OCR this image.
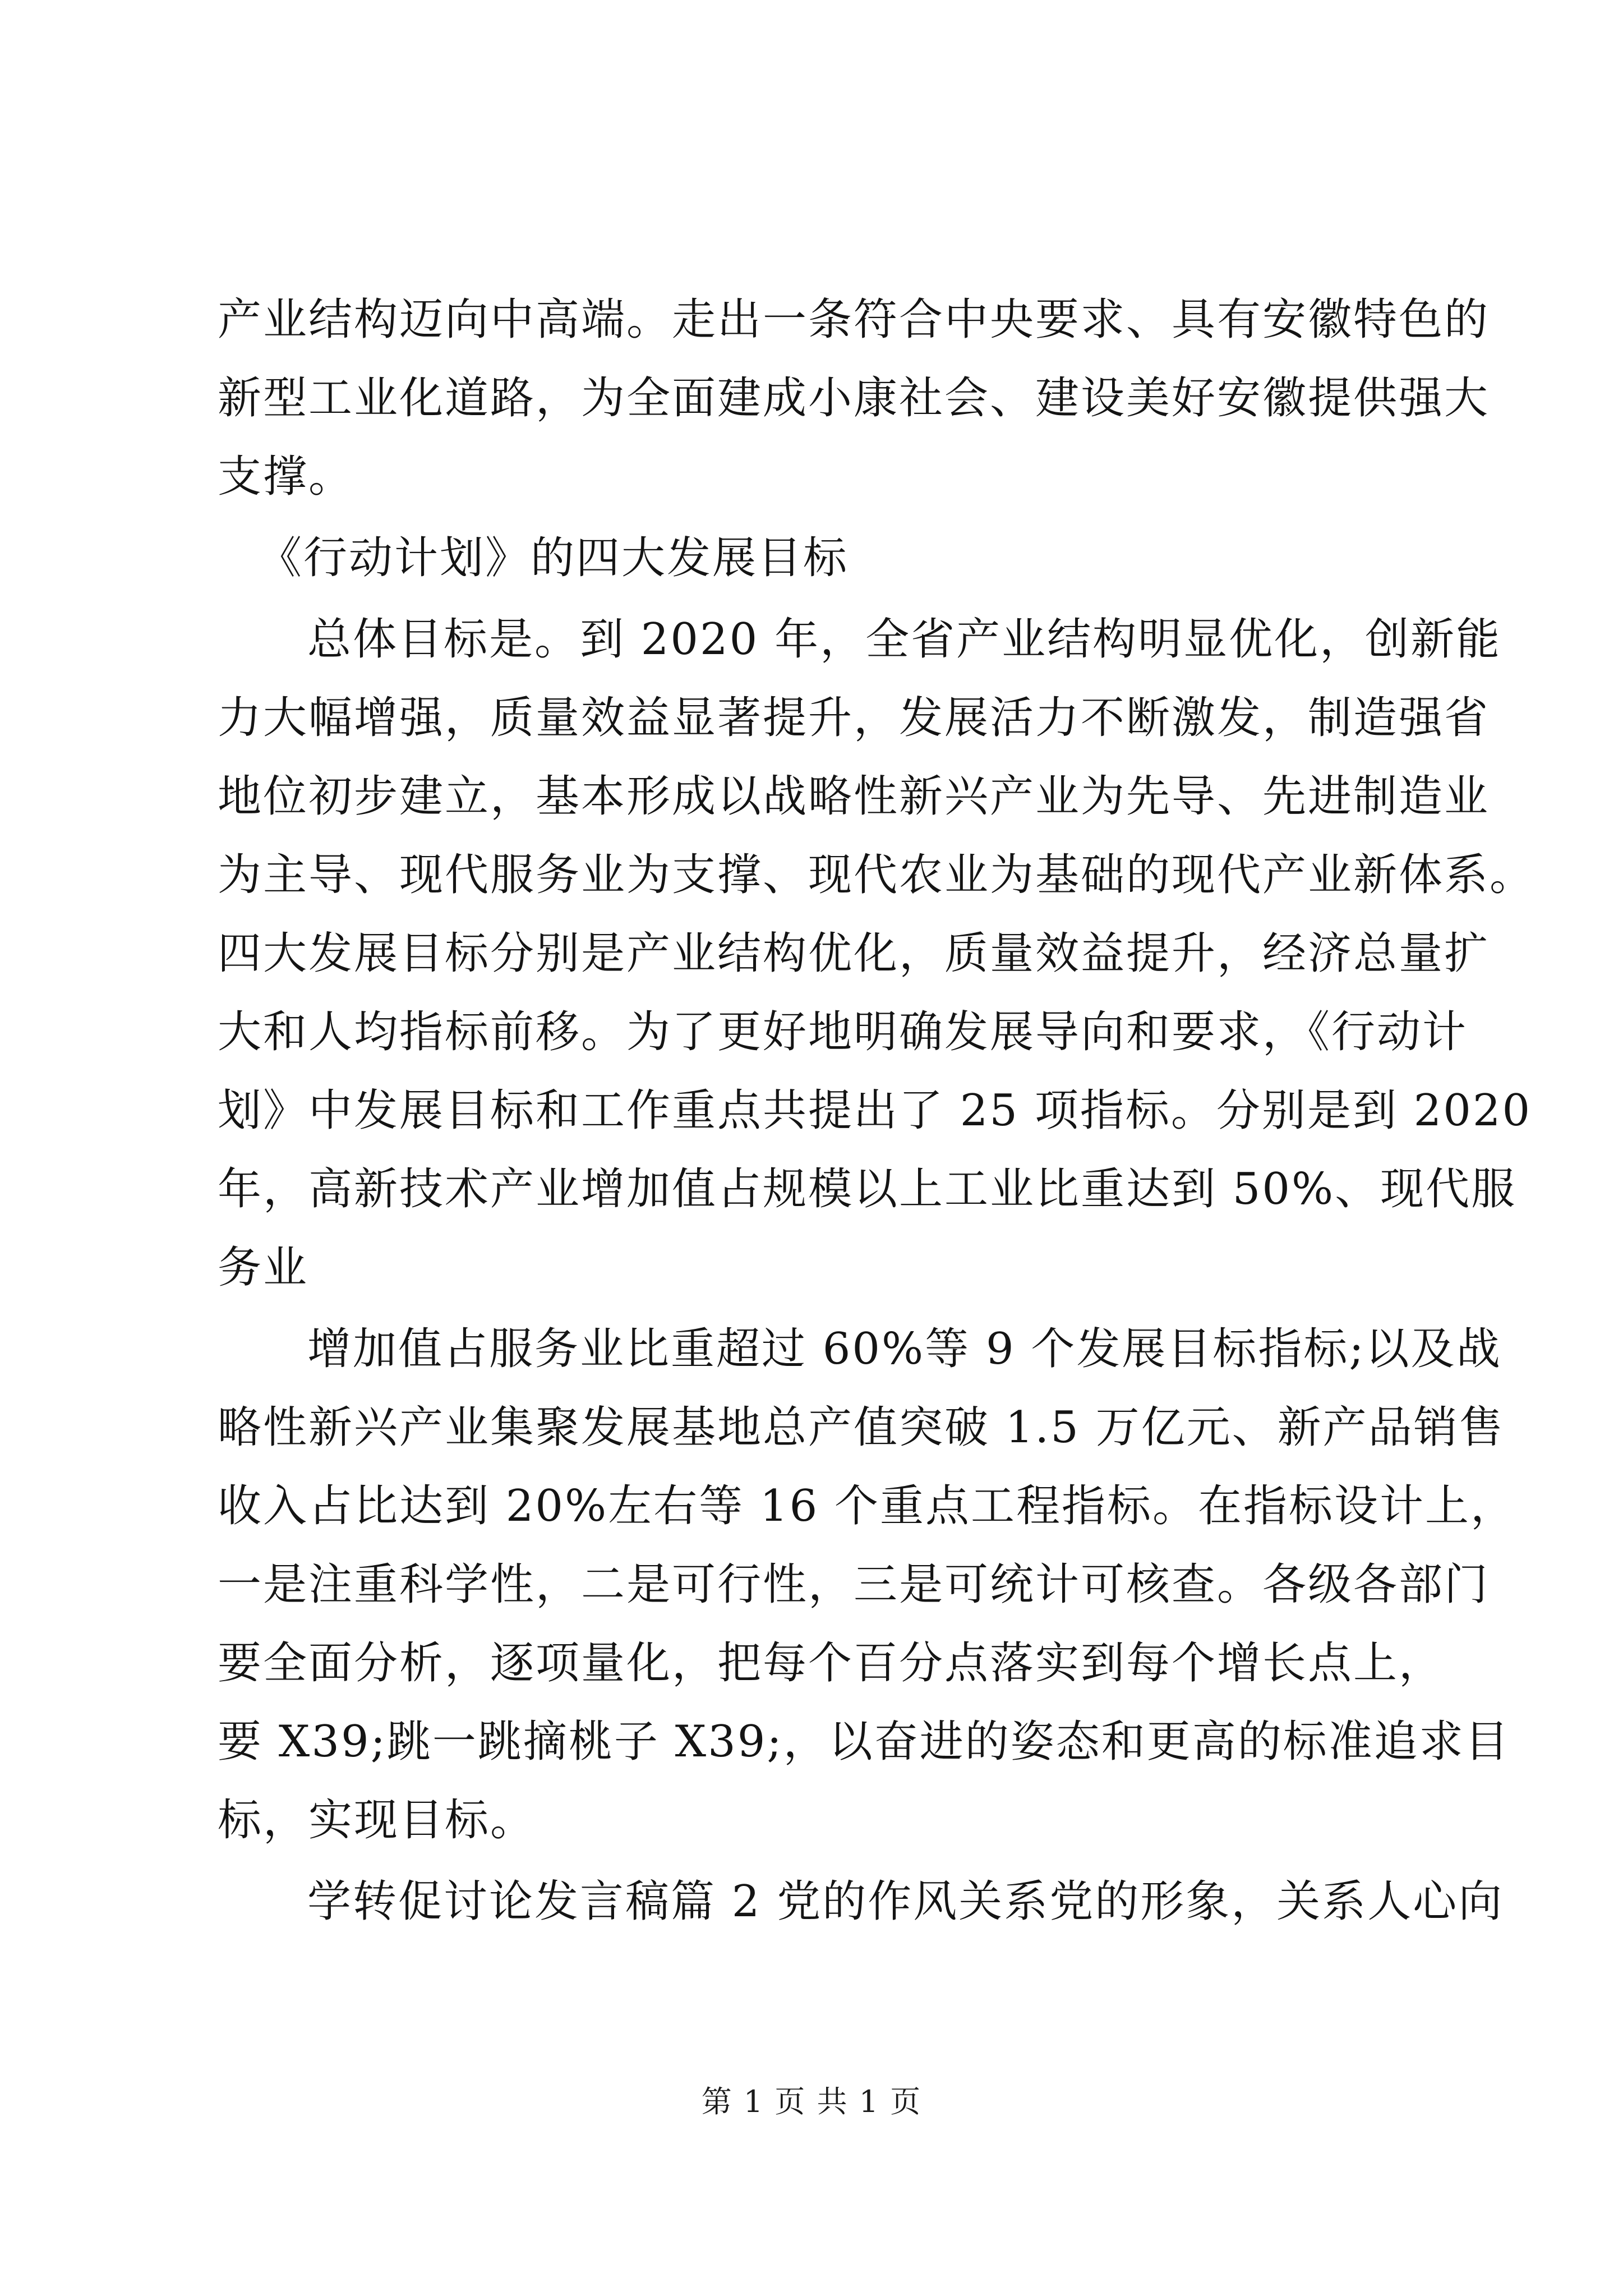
产业结构迈向中高端。走出一条符合中央要求、具有安徽特色的
新型工业化道路，为全面建成小康社会、建设美好安徽提供强大
支撑。
《行动计划》的四大发展目标
总体目标是。到 2020 年，全省产业结构明显优化，创新能
力大幅增强，质量效益显著提升，发展活力不断激发，制造强省
地位初步建立，基本形成以战略性新兴产业为先导、先进制造业
为主导、现代服务业为支撑、现代农业为基础的现代产业新体系。
四大发展目标分别是产业结构优化，质量效益提升，经济总量扩
大和人均指标前移。为了更好地明确发展导向和要求，《行动计
划》中发展目标和工作重点共提出了 25 项指标。分别是到 2020
年，高新技术产业增加值占规模以上工业比重达到 50%、现代服
务业
增加值占服务业比重超过 60%等 9 个发展目标指标;以及战
略性新兴产业集聚发展基地总产值突破 1.5 万亿元、新产品销售
收入占比达到 20%左右等 16 个重点工程指标。在指标设计上，
一是注重科学性，二是可行性，三是可统计可核查。各级各部门
要全面分析，逐项量化，把每个百分点落实到每个增长点上，
要 X39;跳一跳摘桃子 X39;，以奋进的姿态和更高的标准追求目
标，实现目标。
学转促讨论发言稿篇 2 党的作风关系党的形象，关系人心向
第 1 页 共 1 页
